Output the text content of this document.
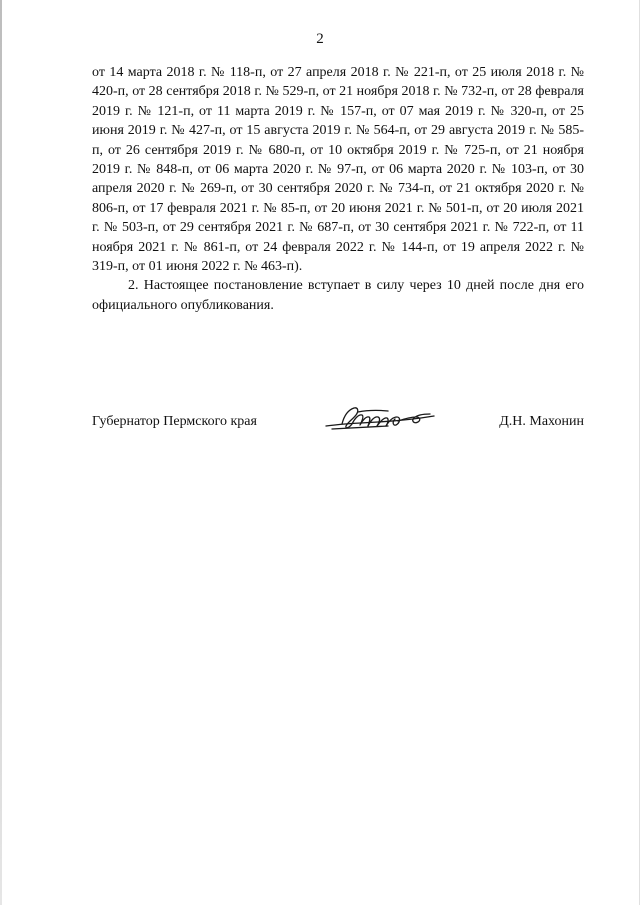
2

от 14 марта 2018 г. № 118-п, от 27 апреля 2018 г. № 221-п, от 25 июля 2018 г. № 420-п, от 28 сентября 2018 г. № 529-п, от 21 ноября 2018 г. № 732-п, от 28 февраля 2019 г. № 121-п, от 11 марта 2019 г. № 157-п, от 07 мая 2019 г. № 320-п, от 25 июня 2019 г. № 427-п, от 15 августа 2019 г. № 564-п, от 29 августа 2019 г. № 585-п, от 26 сентября 2019 г. № 680-п, от 10 октября 2019 г. № 725-п, от 21 ноября 2019 г. № 848-п, от 06 марта 2020 г. № 97-п, от 06 марта 2020 г. № 103-п, от 30 апреля 2020 г. № 269-п, от 30 сентября 2020 г. № 734-п, от 21 октября 2020 г. № 806-п, от 17 февраля 2021 г. № 85-п, от 20 июня 2021 г. № 501-п, от 20 июля 2021 г. № 503-п, от 29 сентября 2021 г. № 687-п, от 30 сентября 2021 г. № 722-п, от 11 ноября 2021 г. № 861-п, от 24 февраля 2022 г. № 144-п, от 19 апреля 2022 г. № 319-п, от 01 июня 2022 г. № 463-п).

2. Настоящее постановление вступает в силу через 10 дней после дня его официального опубликования.

Губернатор Пермского края	Д.Н. Махонин
